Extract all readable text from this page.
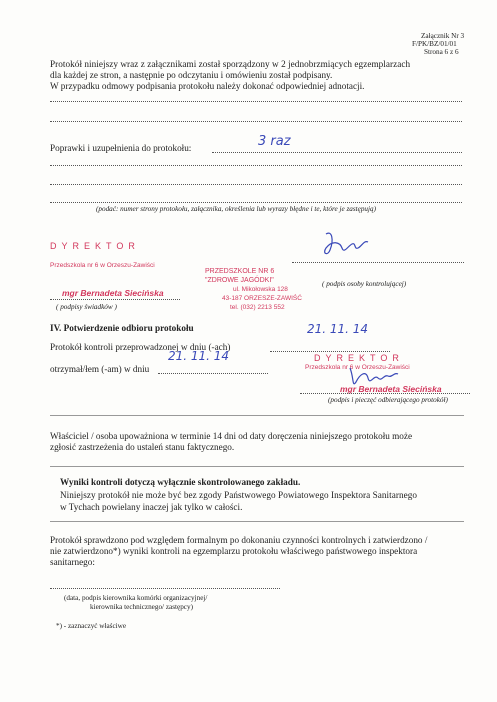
Załącznik Nr 3
F/PK/BZ/01/01
Strona 6 z 6
Protokół niniejszy wraz z załącznikami został sporządzony w 2 jednobrzmiących egzemplarzach
dla każdej ze stron, a następnie po odczytaniu i omówieniu został podpisany.
W przypadku odmowy podpisania protokołu należy dokonać odpowiedniej adnotacji.
Poprawki i uzupełnienia do protokołu:	3 raz
(podać: numer strony protokołu, załącznika, określenia lub wyrazy błędne i te, które je zastępują)
DYREKTOR
Przedszkola nr 6 w Orzeszu-Zawiści
mgr Bernadeta Siecińska
( podpisy świadków )
PRZEDSZKOLE NR 6
"ZDROWE JAGÓDKI"
ul. Mikołowska 128
43-187 ORZESZE-ZAWIŚĆ
tel. (032) 2213 552
( podpis osoby kontrolującej)
IV. Potwierdzenie odbioru protokołu
Protokół kontroli przeprowadzonej w dniu (-ach)
21. 11. 14
otrzymał/łem (-am) w dniu
21. 11. 14	DYREKTOR
Przedszkola nr 6 w Orzeszu-Zawiści
mgr Bernadeta Siecińska
(podpis i pieczęć odbierającego protokół)
Właściciel / osoba upoważniona w terminie 14 dni od daty doręczenia niniejszego protokołu może
zgłosić zastrzeżenia do ustaleń stanu faktycznego.
Wyniki kontroli dotyczą wyłącznie skontrolowanego zakładu.
Niniejszy protokół nie może być bez zgody Państwowego Powiatowego Inspektora Sanitarnego
w Tychach powielany inaczej jak tylko w całości.
Protokół sprawdzono pod względem formalnym po dokonaniu czynności kontrolnych i zatwierdzono /
nie zatwierdzono*) wyniki kontroli na egzemplarzu protokołu właściwego państwowego inspektora
sanitarnego:
(data, podpis kierownika komórki organizacyjnej/
kierownika technicznego/ zastępcy)
*) - zaznaczyć właściwe
